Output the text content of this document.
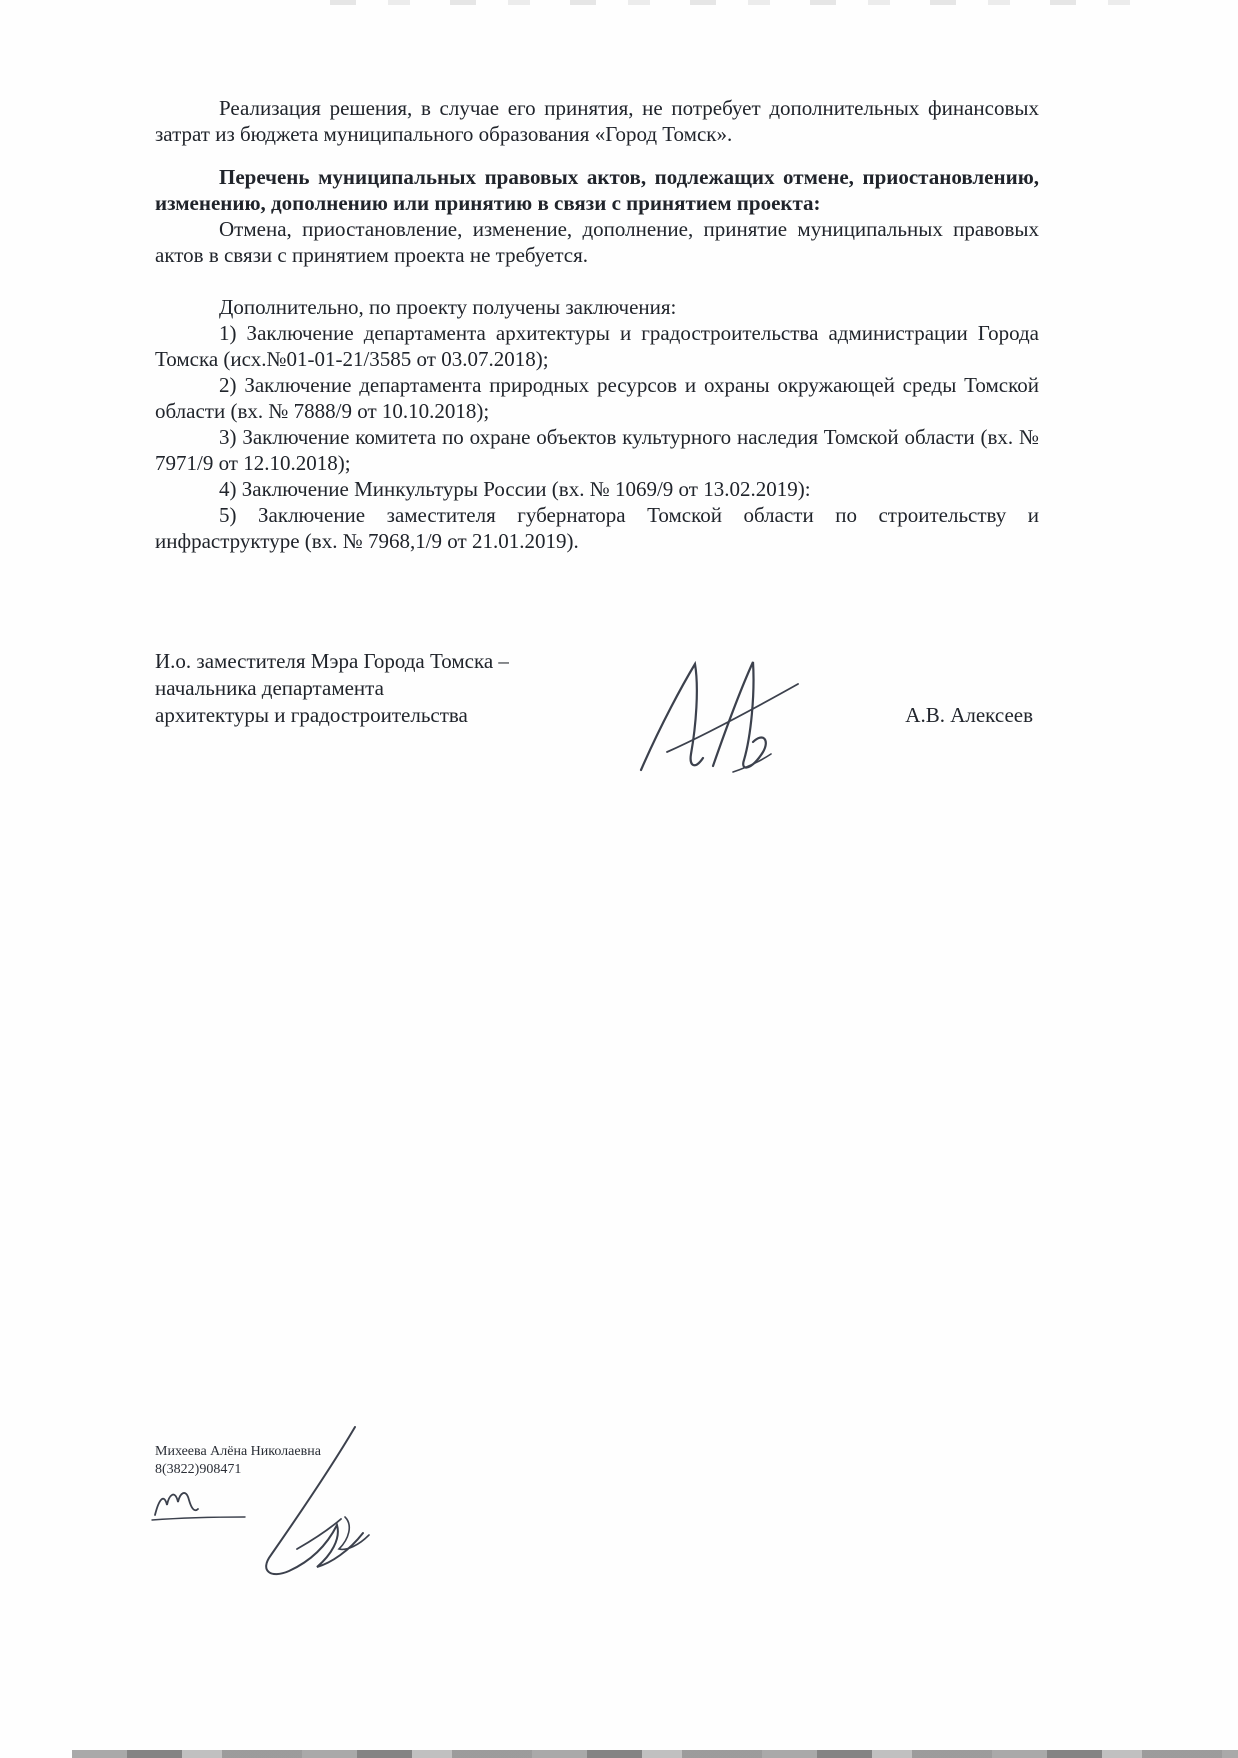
Реализация решения, в случае его принятия, не потребует дополнительных финансовых затрат из бюджета муниципального образования «Город Томск».

Перечень муниципальных правовых актов, подлежащих отмене, приостановлению, изменению, дополнению или принятию в связи с принятием проекта:

Отмена, приостановление, изменение, дополнение, принятие муниципальных правовых актов в связи с принятием проекта не требуется.

Дополнительно, по проекту получены заключения:

1) Заключение департамента архитектуры и градостроительства администрации Города Томска (исх.№01-01-21/3585 от 03.07.2018);

2) Заключение департамента природных ресурсов и охраны окружающей среды Томской области (вх. № 7888/9 от 10.10.2018);

3) Заключение комитета по охране объектов культурного наследия Томской области (вх. № 7971/9 от 12.10.2018);

4) Заключение Минкультуры России (вх. № 1069/9 от 13.02.2019):

5) Заключение заместителя губернатора Томской области по строительству и инфраструктуре (вх. № 7968,1/9 от 21.01.2019).

И.о. заместителя Мэра Города Томска –
начальника департамента
архитектуры и градостроительства	А.В. Алексеев
Михеева Алёна Николаевна
8(3822)908471
